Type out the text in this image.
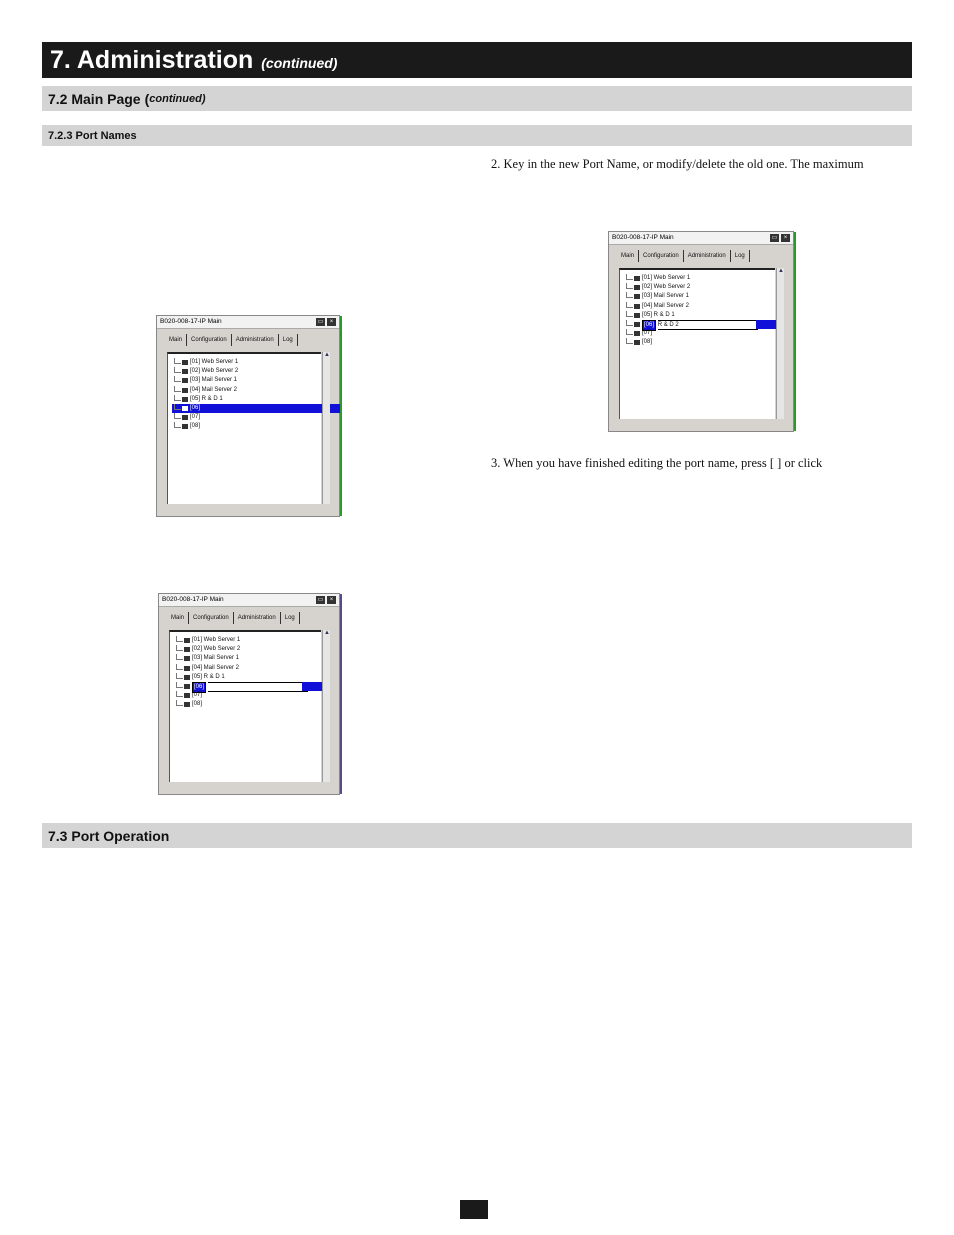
7. Administration (continued)
7.2 Main Page ( continued)
7.2.3 Port Names
2. Key in the new Port Name, or modify/delete the old one. The maximum
3. When you have finished editing the port name, press [ ] or click
B020-008-17-IP Main	▭	×
Main	Configuration	Administration	Log
[01] Web Server 1
[02] Web Server 2
[03] Mail Server 1
[04] Mail Server 2
[05] R & D 1
[06]
[07]
[08]
▲
B020-008-17-IP Main	▭	×
Main	Configuration	Administration	Log
[01] Web Server 1
[02] Web Server 2
[03] Mail Server 1
[04] Mail Server 2
[05] R & D 1
[06]
[07]
[08]
▲
B020-008-17-IP Main	▭	×
Main	Configuration	Administration	Log
[01] Web Server 1
[02] Web Server 2
[03] Mail Server 1
[04] Mail Server 2
[05] R & D 1
[06] R & D 2
[07]
[08]
▲
7.3 Port Operation
